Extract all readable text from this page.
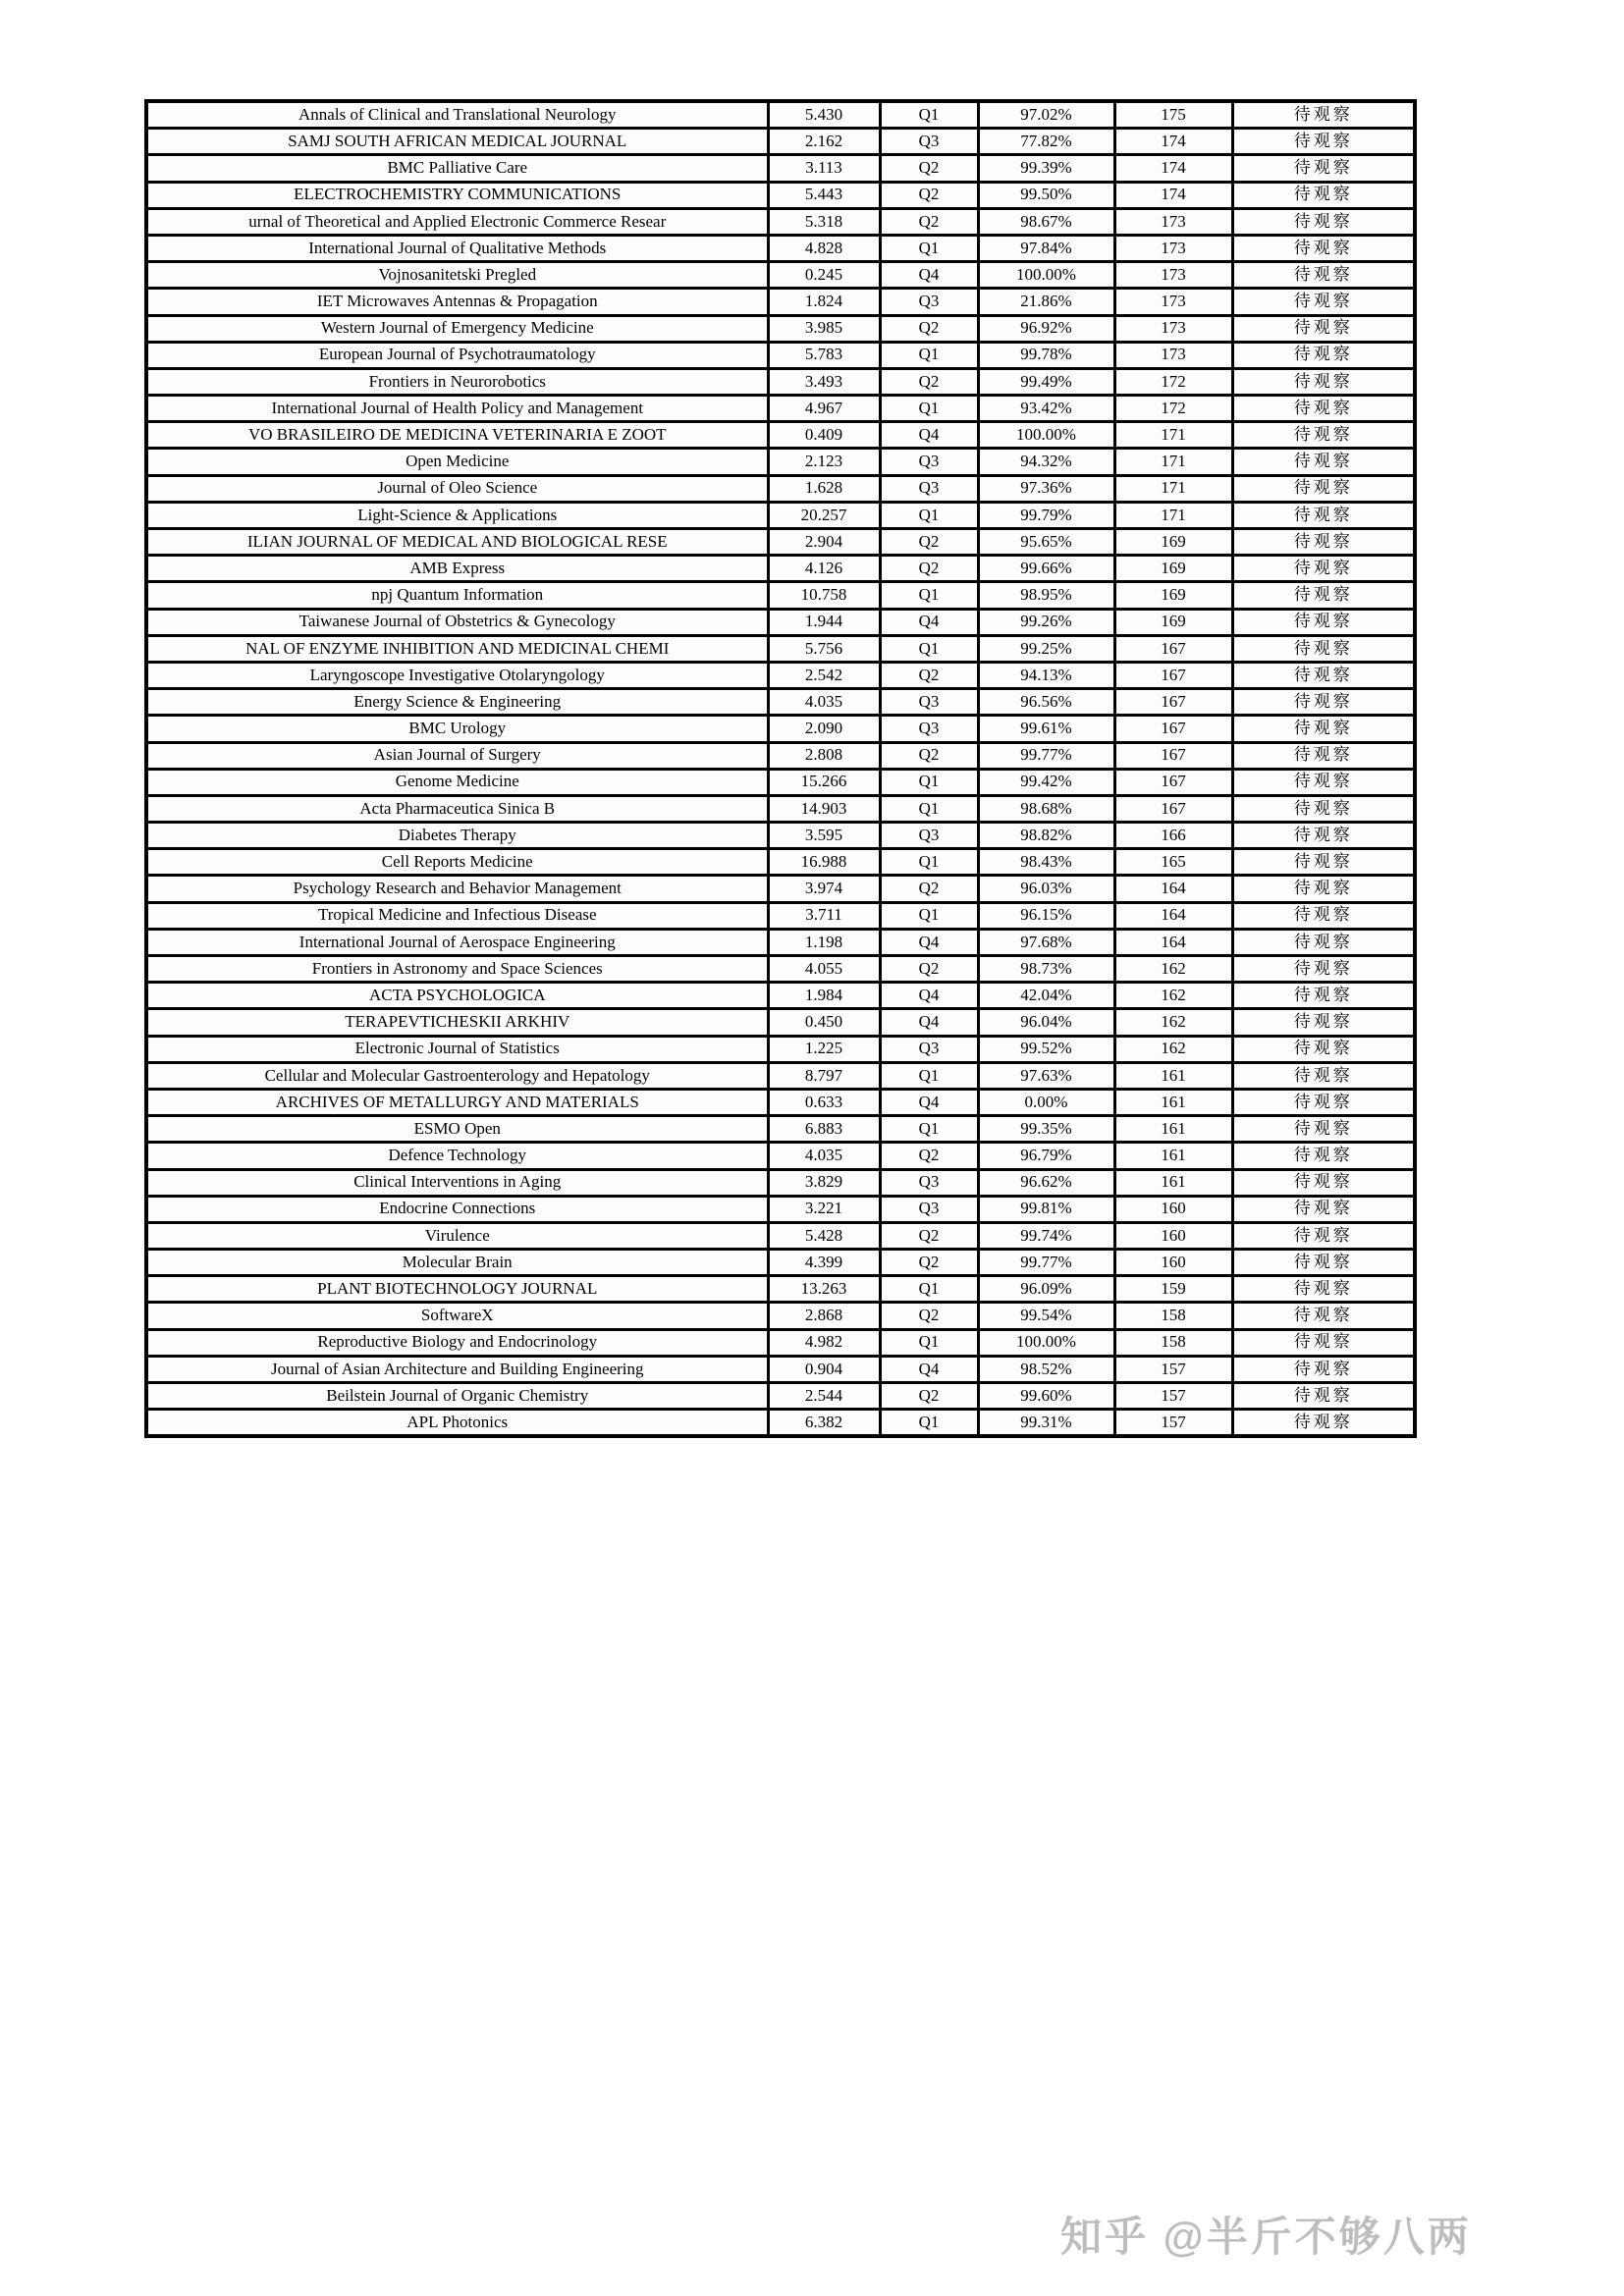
Annals of Clinical and Translational Neurology	5.430	Q1	97.02%	175	待观察
SAMJ SOUTH AFRICAN MEDICAL JOURNAL	2.162	Q3	77.82%	174	待观察
BMC Palliative Care	3.113	Q2	99.39%	174	待观察
ELECTROCHEMISTRY COMMUNICATIONS	5.443	Q2	99.50%	174	待观察
urnal of Theoretical and Applied Electronic Commerce Resear	5.318	Q2	98.67%	173	待观察
International Journal of Qualitative Methods	4.828	Q1	97.84%	173	待观察
Vojnosanitetski Pregled	0.245	Q4	100.00%	173	待观察
IET Microwaves Antennas & Propagation	1.824	Q3	21.86%	173	待观察
Western Journal of Emergency Medicine	3.985	Q2	96.92%	173	待观察
European Journal of Psychotraumatology	5.783	Q1	99.78%	173	待观察
Frontiers in Neurorobotics	3.493	Q2	99.49%	172	待观察
International Journal of Health Policy and Management	4.967	Q1	93.42%	172	待观察
VO BRASILEIRO DE MEDICINA VETERINARIA E ZOOT	0.409	Q4	100.00%	171	待观察
Open Medicine	2.123	Q3	94.32%	171	待观察
Journal of Oleo Science	1.628	Q3	97.36%	171	待观察
Light-Science & Applications	20.257	Q1	99.79%	171	待观察
ILIAN JOURNAL OF MEDICAL AND BIOLOGICAL RESE	2.904	Q2	95.65%	169	待观察
AMB Express	4.126	Q2	99.66%	169	待观察
npj Quantum Information	10.758	Q1	98.95%	169	待观察
Taiwanese Journal of Obstetrics & Gynecology	1.944	Q4	99.26%	169	待观察
NAL OF ENZYME INHIBITION AND MEDICINAL CHEMI	5.756	Q1	99.25%	167	待观察
Laryngoscope Investigative Otolaryngology	2.542	Q2	94.13%	167	待观察
Energy Science & Engineering	4.035	Q3	96.56%	167	待观察
BMC Urology	2.090	Q3	99.61%	167	待观察
Asian Journal of Surgery	2.808	Q2	99.77%	167	待观察
Genome Medicine	15.266	Q1	99.42%	167	待观察
Acta Pharmaceutica Sinica B	14.903	Q1	98.68%	167	待观察
Diabetes Therapy	3.595	Q3	98.82%	166	待观察
Cell Reports Medicine	16.988	Q1	98.43%	165	待观察
Psychology Research and Behavior Management	3.974	Q2	96.03%	164	待观察
Tropical Medicine and Infectious Disease	3.711	Q1	96.15%	164	待观察
International Journal of Aerospace Engineering	1.198	Q4	97.68%	164	待观察
Frontiers in Astronomy and Space Sciences	4.055	Q2	98.73%	162	待观察
ACTA PSYCHOLOGICA	1.984	Q4	42.04%	162	待观察
TERAPEVTICHESKII ARKHIV	0.450	Q4	96.04%	162	待观察
Electronic Journal of Statistics	1.225	Q3	99.52%	162	待观察
Cellular and Molecular Gastroenterology and Hepatology	8.797	Q1	97.63%	161	待观察
ARCHIVES OF METALLURGY AND MATERIALS	0.633	Q4	0.00%	161	待观察
ESMO Open	6.883	Q1	99.35%	161	待观察
Defence Technology	4.035	Q2	96.79%	161	待观察
Clinical Interventions in Aging	3.829	Q3	96.62%	161	待观察
Endocrine Connections	3.221	Q3	99.81%	160	待观察
Virulence	5.428	Q2	99.74%	160	待观察
Molecular Brain	4.399	Q2	99.77%	160	待观察
PLANT BIOTECHNOLOGY JOURNAL	13.263	Q1	96.09%	159	待观察
SoftwareX	2.868	Q2	99.54%	158	待观察
Reproductive Biology and Endocrinology	4.982	Q1	100.00%	158	待观察
Journal of Asian Architecture and Building Engineering	0.904	Q4	98.52%	157	待观察
Beilstein Journal of Organic Chemistry	2.544	Q2	99.60%	157	待观察
APL Photonics	6.382	Q1	99.31%	157	待观察
知乎 @半斤不够八两
